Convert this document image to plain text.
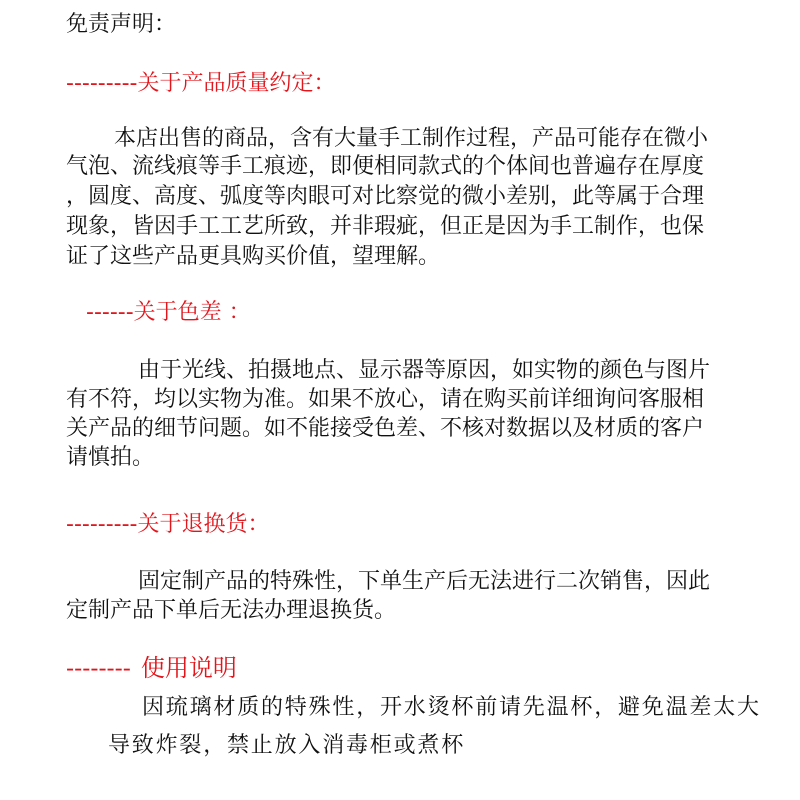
免责声明：

---------关于产品质量约定：

本店出售的商品，含有大量手工制作过程，产品可能存在微小

气泡、流线痕等手工痕迹，即便相同款式的个体间也普遍存在厚度

，圆度、高度、弧度等肉眼可对比察觉的微小差别，此等属于合理

现象，皆因手工工艺所致，并非瑕疵，但正是因为手工制作，也保

证了这些产品更具购买价值，望理解。

------关于色差 ：

由于光线、拍摄地点、显示器等原因，如实物的颜色与图片

有不符，均以实物为准。如果不放心，请在购买前详细询问客服相

关产品的细节问题。如不能接受色差、不核对数据以及材质的客户

请慎拍。

---------关于退换货：

固定制产品的特殊性，下单生产后无法进行二次销售，因此

定制产品下单后无法办理退换货。

-------- 使用说明

因琉璃材质的特殊性，开水烫杯前请先温杯，避免温差太大

导致炸裂，禁止放入消毒柜或煮杯
